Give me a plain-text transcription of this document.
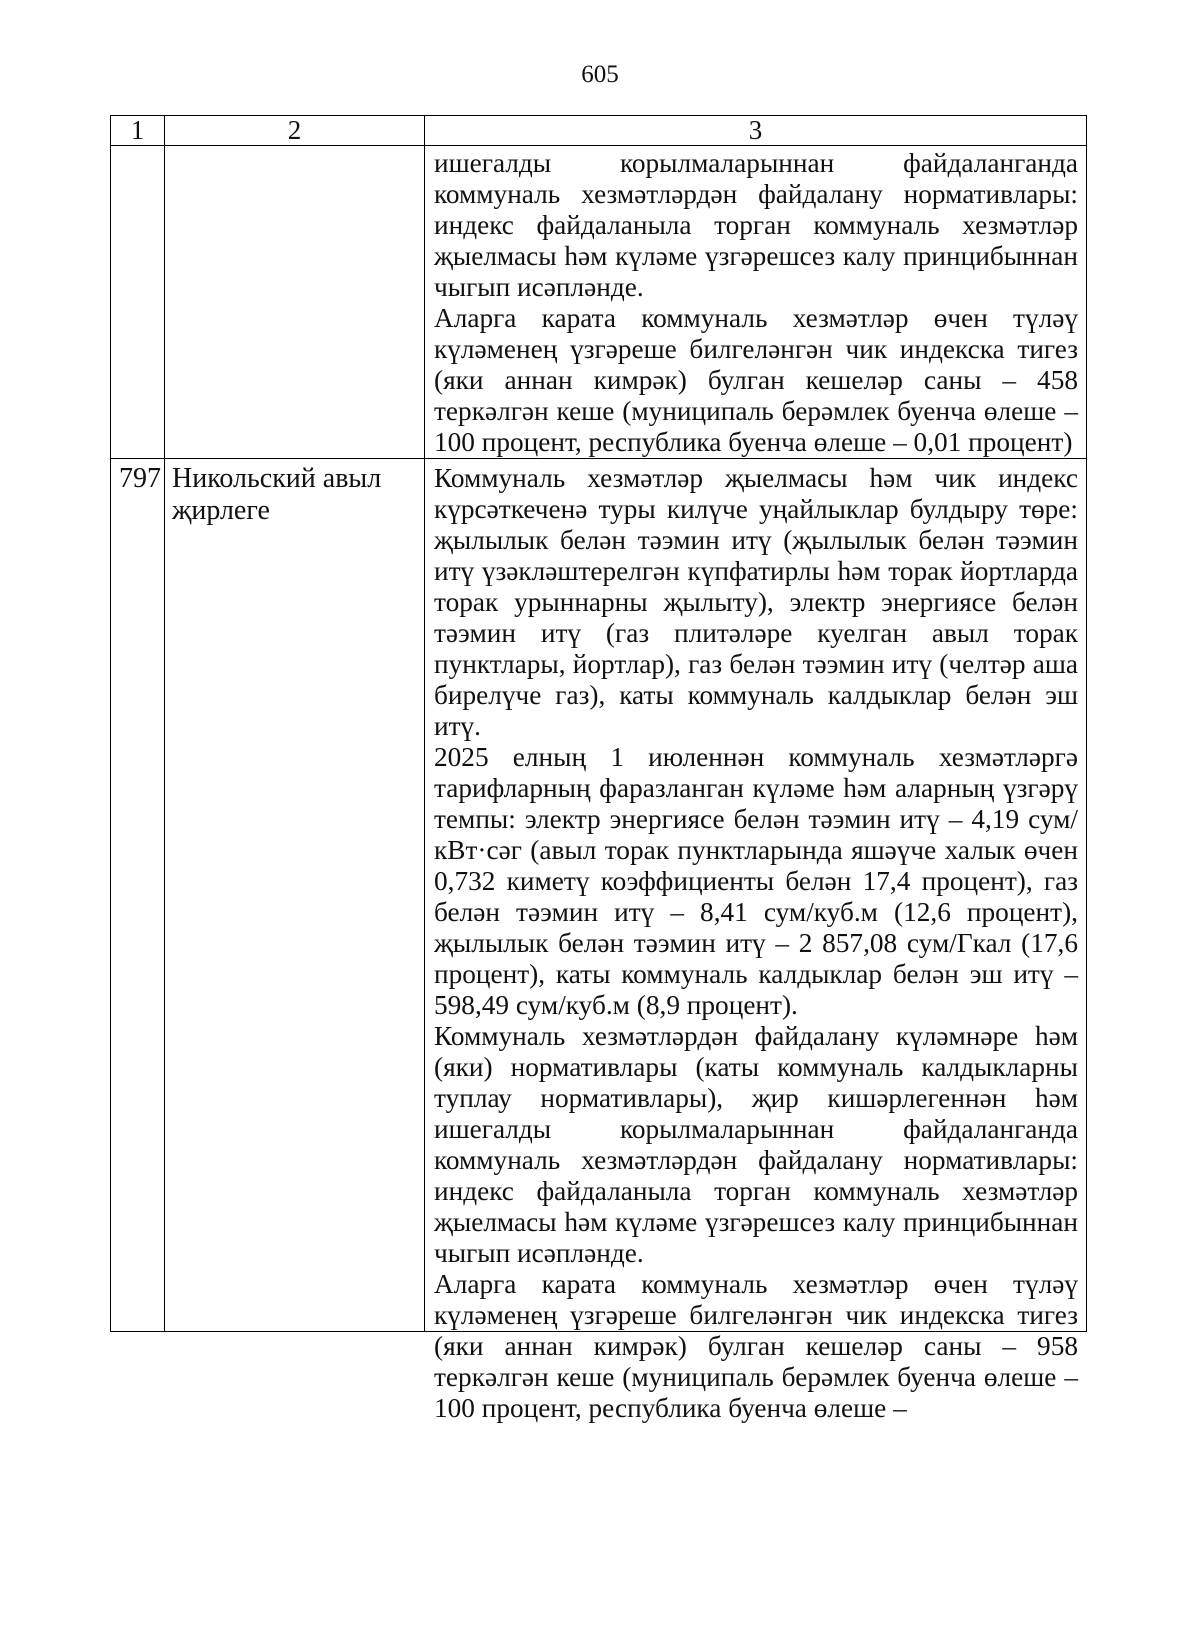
605
1	2	3

		ишегалды корылмаларыннан файдаланганда коммуналь хезмәтләрдән файдалану нормативлары: индекс файдаланыла торган коммуналь хезмәтләр җыелмасы һәм күләме үзгәрешсез калу принцибыннан чыгып исәпләнде.

Аларга карата коммуналь хезмәтләр өчен түләү күләменең үзгәреше билгеләнгән чик индекска тигез (яки аннан кимрәк) булган кешеләр саны – 458 теркәлгән кеше (муниципаль берәмлек буенча өлеше – 100 процент, республика буенча өлеше – 0,01 процент)

797	Никольский авыл җирлеге	Коммуналь хезмәтләр җыелмасы һәм чик индекс күрсәткеченә туры килүче уңайлыклар булдыру төре: җылылык белән тәэмин итү (җылылык белән тәэмин итү үзәкләштерелгән күпфатирлы һәм торак йортларда торак урыннарны җылыту), электр энергиясе белән тәэмин итү (газ плитәләре куелган авыл торак пунктлары, йортлар), газ белән тәэмин итү (челтәр аша бирелүче газ), каты коммуналь калдыклар белән эш итү.

2025 елның 1 июленнән коммуналь хезмәтләргә тарифларның фаразланган күләме һәм аларның үзгәрү темпы: электр энергиясе белән тәэмин итү – 4,19 сум/кВт·сәг (авыл торак пунктларында яшәүче халык өчен 0,732 киметү коэффициенты белән 17,4 процент), газ белән тәэмин итү – 8,41 сум/куб.м (12,6 процент), җылылык белән тәэмин итү – 2 857,08 сум/Гкал (17,6 процент), каты коммуналь калдыклар белән эш итү – 598,49 сум/куб.м (8,9 процент).

Коммуналь хезмәтләрдән файдалану күләмнәре һәм (яки) нормативлары (каты коммуналь калдыкларны туплау нормативлары), җир кишәрлегеннән һәм ишегалды корылмаларыннан файдаланганда коммуналь хезмәтләрдән файдалану нормативлары: индекс файдаланыла торган коммуналь хезмәтләр җыелмасы һәм күләме үзгәрешсез калу принцибыннан чыгып исәпләнде.

Аларга карата коммуналь хезмәтләр өчен түләү күләменең үзгәреше билгеләнгән чик индекска тигез (яки аннан кимрәк) булган кешеләр саны – 958 теркәлгән кеше (муниципаль берәмлек буенча өлеше – 100 процент, республика буенча өлеше –
